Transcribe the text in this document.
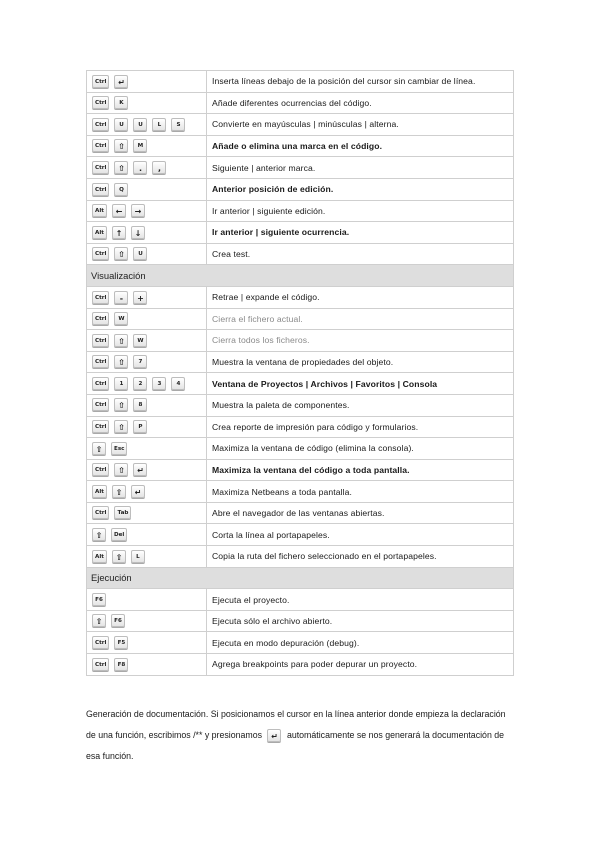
Ctrl ↵	Inserta líneas debajo de la posición del cursor sin cambiar de línea.
Ctrl K	Añade diferentes ocurrencias del código.
Ctrl U U L S	Convierte en mayúsculas | minúsculas | alterna.
Ctrl ⇧ M	Añade o elimina una marca en el código.
Ctrl ⇧ . ,	Siguiente | anterior marca.
Ctrl Q	Anterior posición de edición.
Alt ← →	Ir anterior | siguiente edición.
Alt ↑ ↓	Ir anterior | siguiente ocurrencia.
Ctrl ⇧ U	Crea test.
Visualización	
Ctrl - +	Retrae | expande el código.
Ctrl W	Cierra el fichero actual.
Ctrl ⇧ W	Cierra todos los ficheros.
Ctrl ⇧ 7	Muestra la ventana de propiedades del objeto.
Ctrl 1 2 3 4	Ventana de Proyectos | Archivos | Favoritos | Consola
Ctrl ⇧ 8	Muestra la paleta de componentes.
Ctrl ⇧ P	Crea reporte de impresión para código y formularios.
⇧ Esc	Maximiza la ventana de código (elimina la consola).
Ctrl ⇧ ↵	Maximiza la ventana del código a toda pantalla.
Alt ⇧ ↵	Maximiza Netbeans a toda pantalla.
Ctrl Tab	Abre el navegador de las ventanas abiertas.
⇧ Del	Corta la línea al portapapeles.
Alt ⇧ L	Copia la ruta del fichero seleccionado en el portapapeles.
Ejecución	
F6	Ejecuta el proyecto.
⇧ F6	Ejecuta sólo el archivo abierto.
Ctrl F5	Ejecuta en modo depuración (debug).
Ctrl F8	Agrega breakpoints para poder depurar un proyecto.
Generación de documentación. Si posicionamos el cursor en la línea anterior donde empieza la declaración de una función, escribimos /** y presionamos ↵ automáticamente se nos generará la documentación de esa función.
